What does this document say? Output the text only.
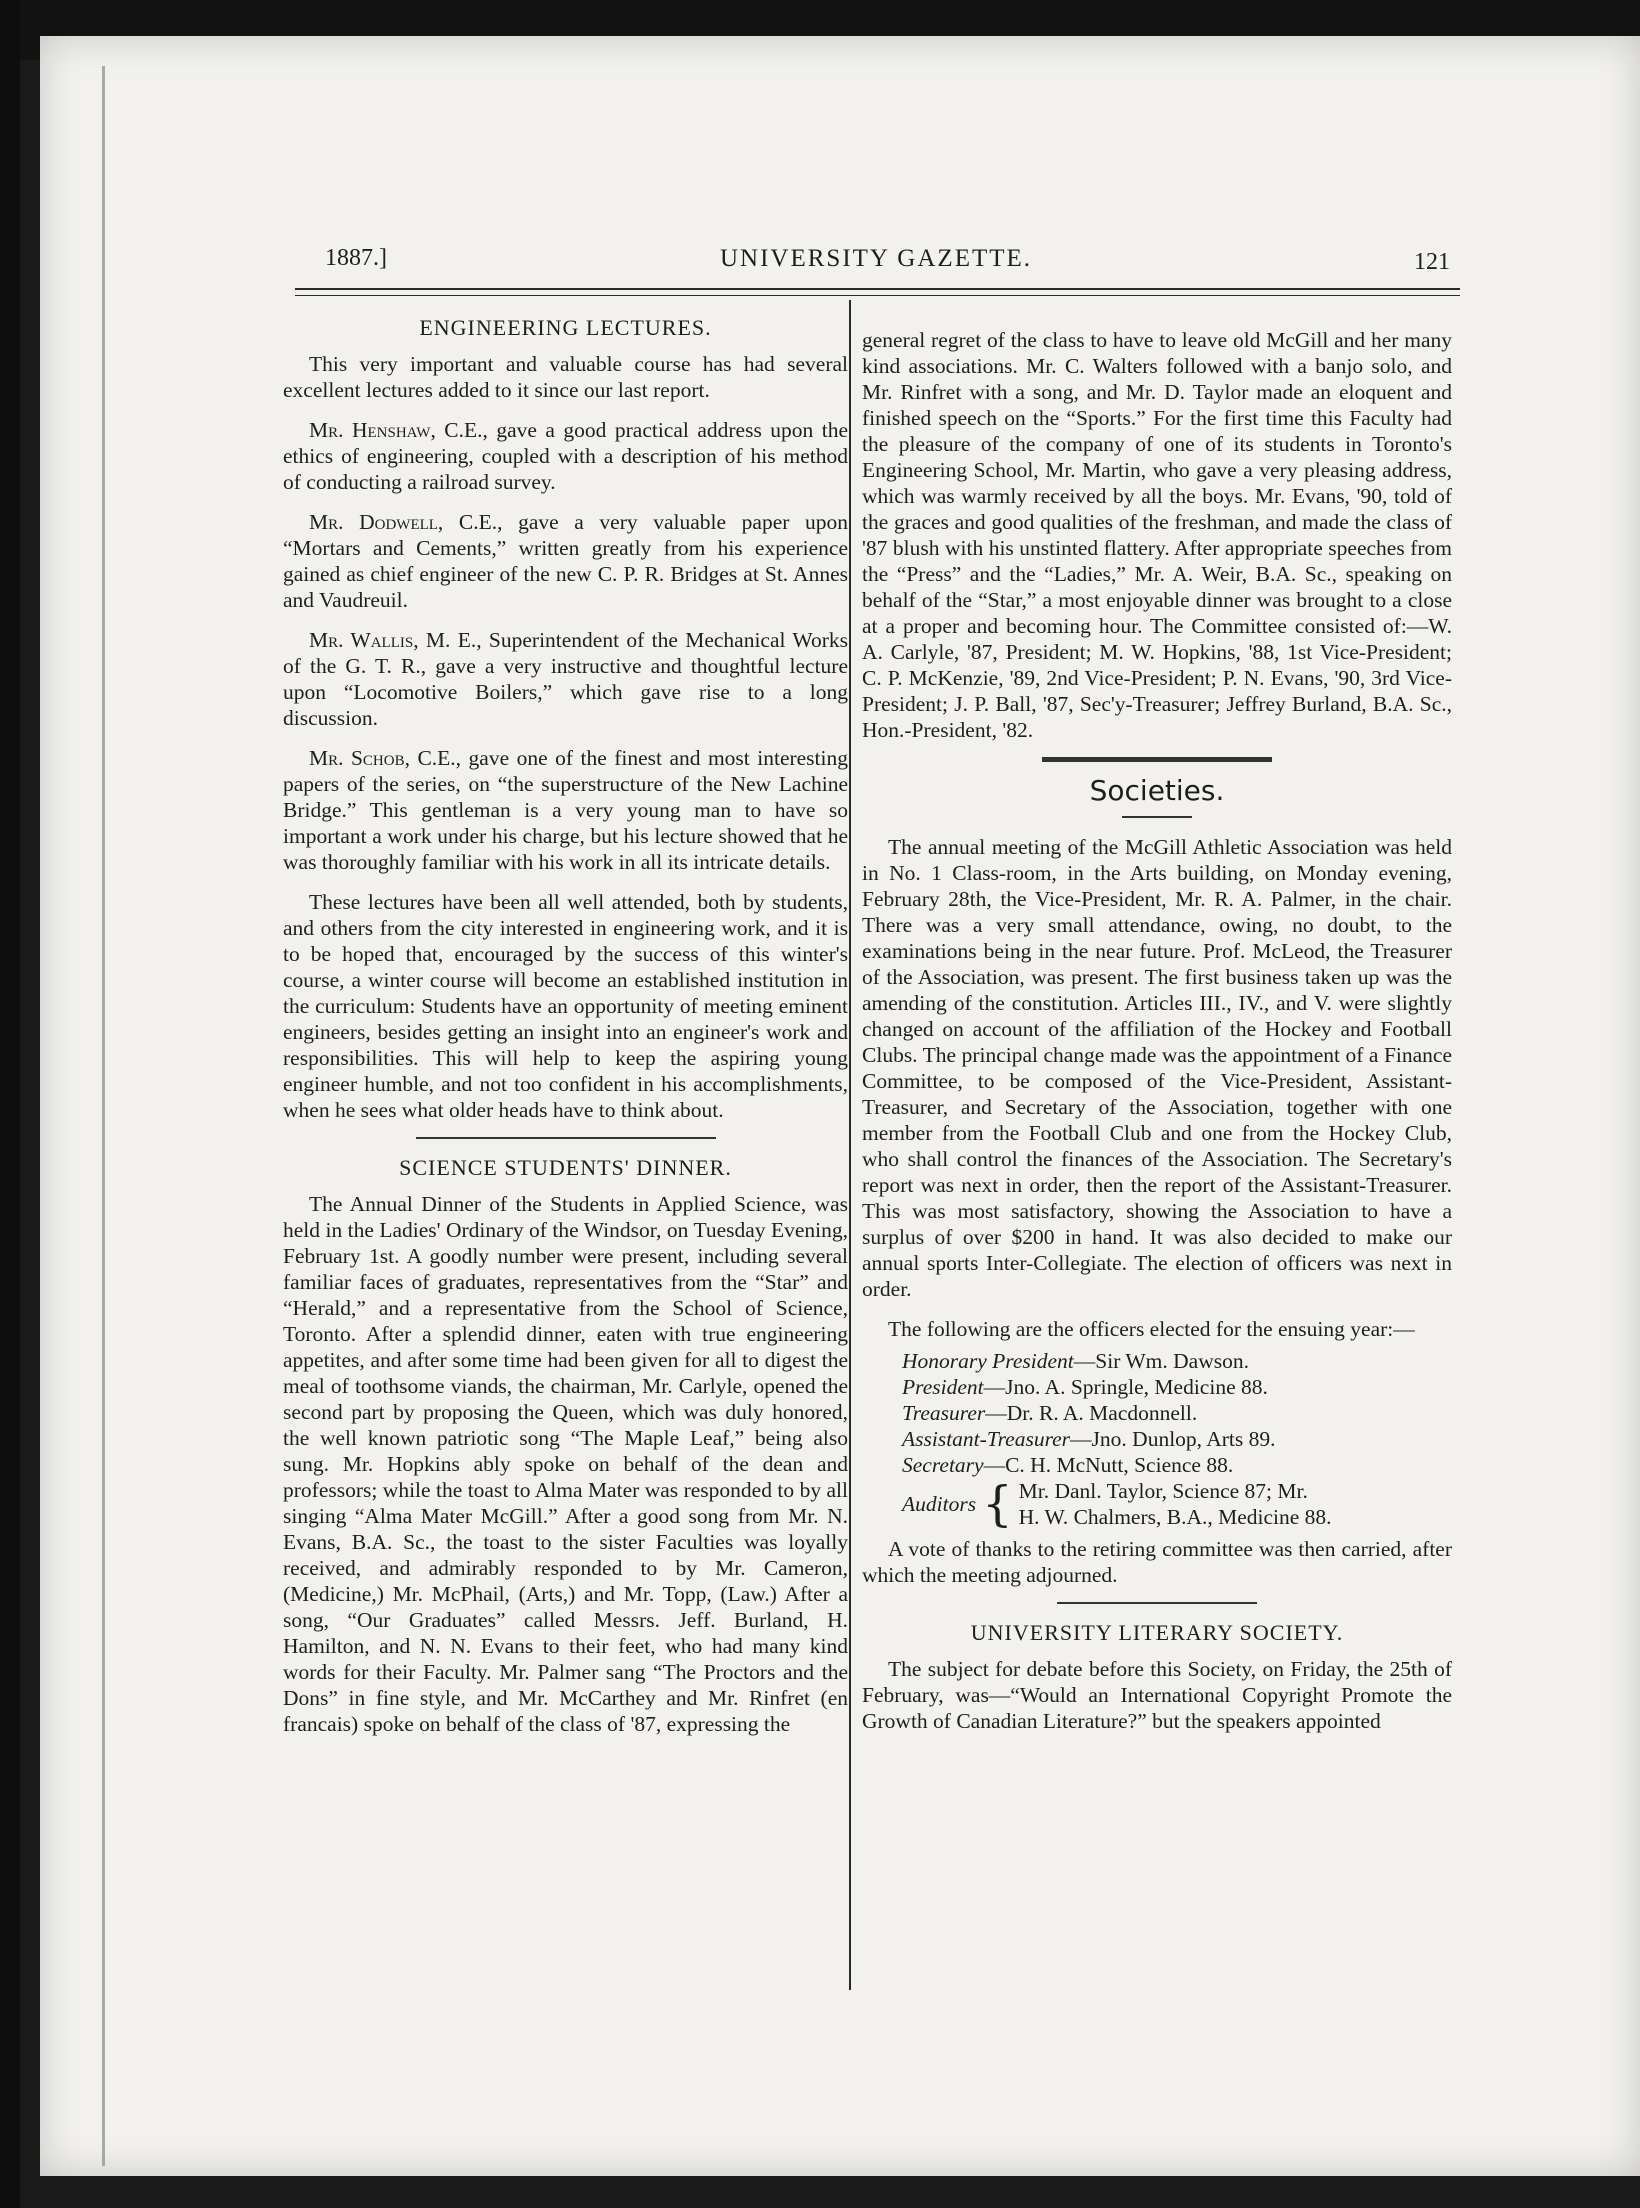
1887.]	UNIVERSITY GAZETTE.	121
ENGINEERING LECTURES.

This very important and valuable course has had several excellent lectures added to it since our last report.

Mr. Henshaw, C.E., gave a good practical address upon the ethics of engineering, coupled with a description of his method of conducting a railroad survey.

Mr. Dodwell, C.E., gave a very valuable paper upon “Mortars and Cements,” written greatly from his experience gained as chief engineer of the new C. P. R. Bridges at St. Annes and Vaudreuil.

Mr. Wallis, M. E., Superintendent of the Mechanical Works of the G. T. R., gave a very instructive and thoughtful lecture upon “Locomotive Boilers,” which gave rise to a long discussion.

Mr. Schob, C.E., gave one of the finest and most interesting papers of the series, on “the superstructure of the New Lachine Bridge.” This gentleman is a very young man to have so important a work under his charge, but his lecture showed that he was thoroughly familiar with his work in all its intricate details.

These lectures have been all well attended, both by students, and others from the city interested in engineering work, and it is to be hoped that, encouraged by the success of this winter's course, a winter course will become an established institution in the curriculum: Students have an opportunity of meeting eminent engineers, besides getting an insight into an engineer's work and responsibilities. This will help to keep the aspiring young engineer humble, and not too confident in his accomplishments, when he sees what older heads have to think about.

SCIENCE STUDENTS' DINNER.

The Annual Dinner of the Students in Applied Science, was held in the Ladies' Ordinary of the Windsor, on Tuesday Evening, February 1st. A goodly number were present, including several familiar faces of graduates, representatives from the “Star” and “Herald,” and a representative from the School of Science, Toronto. After a splendid dinner, eaten with true engineering appetites, and after some time had been given for all to digest the meal of toothsome viands, the chairman, Mr. Carlyle, opened the second part by proposing the Queen, which was duly honored, the well known patriotic song “The Maple Leaf,” being also sung. Mr. Hopkins ably spoke on behalf of the dean and professors; while the toast to Alma Mater was responded to by all singing “Alma Mater McGill.” After a good song from Mr. N. Evans, B.A. Sc., the toast to the sister Faculties was loyally received, and admirably responded to by Mr. Cameron, (Medicine,) Mr. McPhail, (Arts,) and Mr. Topp, (Law.) After a song, “Our Graduates” called Messrs. Jeff. Burland, H. Hamilton, and N. N. Evans to their feet, who had many kind words for their Faculty. Mr. Palmer sang “The Proctors and the Dons” in fine style, and Mr. McCarthey and Mr. Rinfret (en francais) spoke on behalf of the class of '87, expressing the

general regret of the class to have to leave old McGill and her many kind associations. Mr. C. Walters followed with a banjo solo, and Mr. Rinfret with a song, and Mr. D. Taylor made an eloquent and finished speech on the “Sports.” For the first time this Faculty had the pleasure of the company of one of its students in Toronto's Engineering School, Mr. Martin, who gave a very pleasing address, which was warmly received by all the boys. Mr. Evans, '90, told of the graces and good qualities of the freshman, and made the class of '87 blush with his unstinted flattery. After appropriate speeches from the “Press” and the “Ladies,” Mr. A. Weir, B.A. Sc., speaking on behalf of the “Star,” a most enjoyable dinner was brought to a close at a proper and becoming hour. The Committee consisted of:—W. A. Carlyle, '87, President; M. W. Hopkins, '88, 1st Vice-President; C. P. McKenzie, '89, 2nd Vice-President; P. N. Evans, '90, 3rd Vice-President; J. P. Ball, '87, Sec'y-Treasurer; Jeffrey Burland, B.A. Sc., Hon.-President, '82.

Societies.

The annual meeting of the McGill Athletic Association was held in No. 1 Class-room, in the Arts building, on Monday evening, February 28th, the Vice-President, Mr. R. A. Palmer, in the chair. There was a very small attendance, owing, no doubt, to the examinations being in the near future. Prof. McLeod, the Treasurer of the Association, was present. The first business taken up was the amending of the constitution. Articles III., IV., and V. were slightly changed on account of the affiliation of the Hockey and Football Clubs. The principal change made was the appointment of a Finance Committee, to be composed of the Vice-President, Assistant-Treasurer, and Secretary of the Association, together with one member from the Football Club and one from the Hockey Club, who shall control the finances of the Association. The Secretary's report was next in order, then the report of the Assistant-Treasurer. This was most satisfactory, showing the Association to have a surplus of over $200 in hand. It was also decided to make our annual sports Inter-Collegiate. The election of officers was next in order.

The following are the officers elected for the ensuing year:—

Honorary President—Sir Wm. Dawson.
President—Jno. A. Springle, Medicine 88.
Treasurer—Dr. R. A. Macdonnell.
Assistant-Treasurer—Jno. Dunlop, Arts 89.
Secretary—C. H. McNutt, Science 88.
Auditors { Mr. Danl. Taylor, Science 87; Mr.
H. W. Chalmers, B.A., Medicine 88.

A vote of thanks to the retiring committee was then carried, after which the meeting adjourned.

UNIVERSITY LITERARY SOCIETY.

The subject for debate before this Society, on Friday, the 25th of February, was—“Would an International Copyright Promote the Growth of Canadian Literature?” but the speakers appointed
